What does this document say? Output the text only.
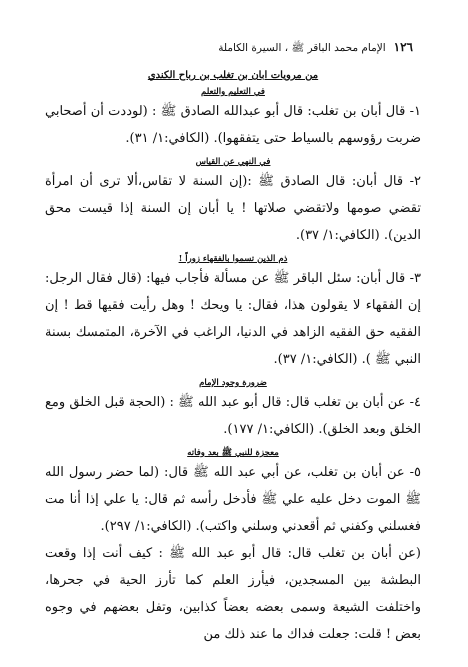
١٢٦
الإمام محمد الباقر ﷺ ، السيرة الكاملة
من مرويات ابان بن تغلب بن رباح الكندي
في التعليم والتعلم

١- قال أبان بن تغلب: قال أبو عبدالله الصادق ﷺ : (لوددت أن أصحابي ضربت رؤوسهم بالسياط حتى يتفقهوا). (الكافي:١/ ٣١).

في النهي عن القياس

٢- قال أبان: قال الصادق ﷺ :(إن السنة لا تقاس،ألا ترى أن امرأة تقضي صومها ولاتقضي صلاتها ! يا أبان إن السنة إذا قيست محق الدين). (الكافي:١/ ٣٧).

ذم الذين تسموا بالفقهاء زوراً !

٣- قال أبان: سئل الباقر ﷺ عن مسألة فأجاب فيها: (قال فقال الرجل: إن الفقهاء لا يقولون هذا، فقال: يا ويحك ! وهل رأيت فقيها قط ! إن الفقيه حق الفقيه الزاهد في الدنيا، الراغب في الآخرة، المتمسك بسنة النبي ﷺ ). (الكافي:١/ ٣٧).

ضرورة وجود الإمام

٤- عن أبان بن تغلب قال: قال أبو عبد الله ﷺ : (الحجة قبل الخلق ومع الخلق وبعد الخلق). (الكافي:١/ ١٧٧).

معجزة للنبي ﷺ بعد وفاته

٥- عن أبان بن تغلب، عن أبي عبد الله ﷺ قال: (لما حضر رسول الله ﷺ الموت دخل عليه علي ﷺ فأدخل رأسه ثم قال: يا علي إذا أنا مت فغسلني وكفني ثم أقعدني وسلني واكتب). (الكافي:١/ ٢٩٧).

(عن أبان بن تغلب قال: قال أبو عبد الله ﷺ : كيف أنت إذا وقعت البطشة بين المسجدين، فيأرز العلم كما تأرز الحية في جحرها، واختلفت الشيعة وسمى بعضه بعضاً كذابين، وتفل بعضهم في وجوه بعض ! قلت: جعلت فداك ما عند ذلك من
